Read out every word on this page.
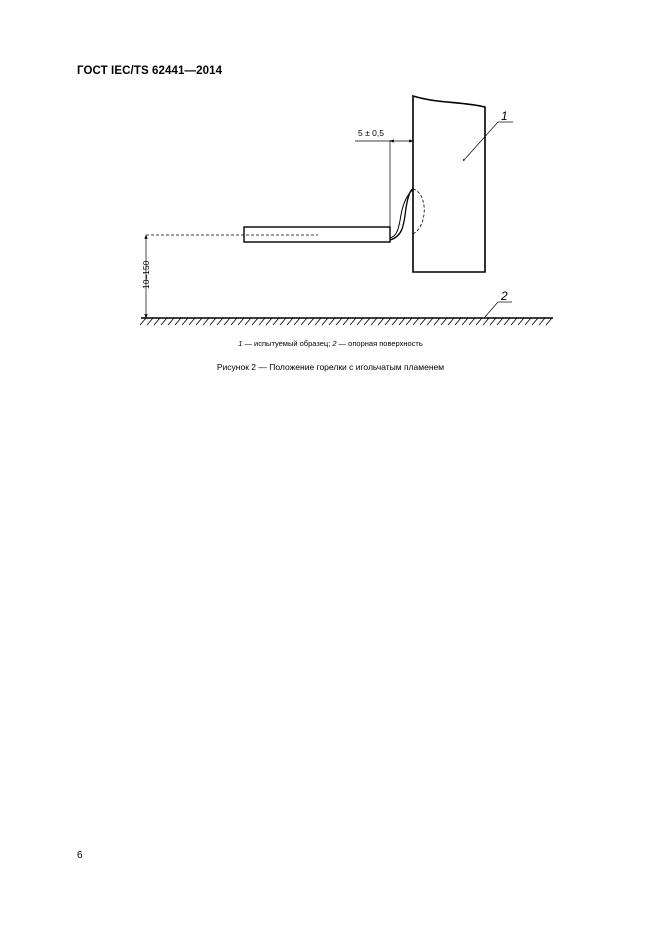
ГОСТ IEC/TS 62441—2014
1
5 ± 0,5
10–150
2
1 — испытуемый образец; 2 — опорная поверхность
Рисунок 2 — Положение горелки с игольчатым пламенем
6
